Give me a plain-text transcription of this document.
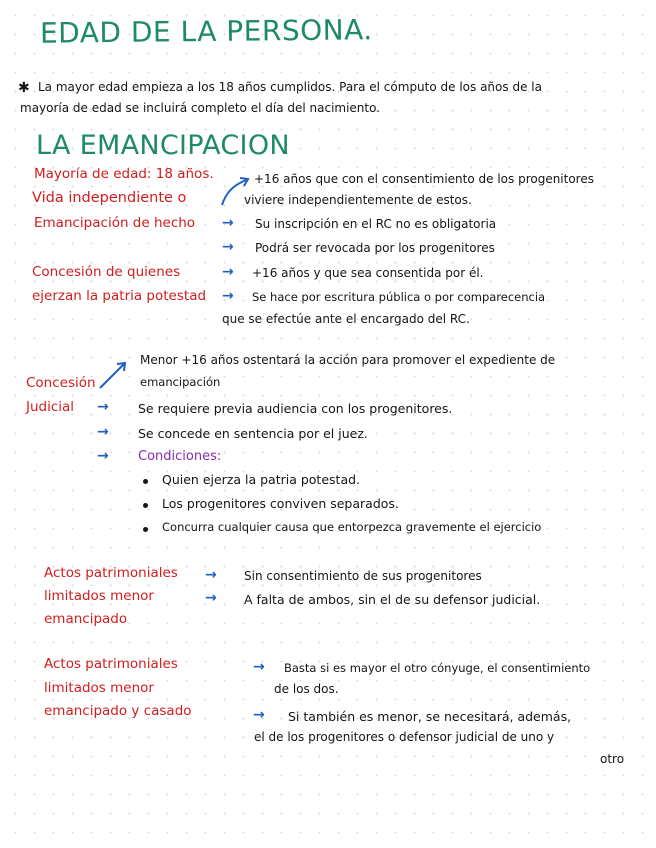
EDAD DE LA PERSONA.
✱ La mayor edad empieza a los 18 años cumplidos. Para el cómputo de los años de la
mayoría de edad se incluirá completo el día del nacimiento.
LA EMANCIPACION
Mayoría de edad: 18 años.
Vida independiente o
Emancipación de hecho
+16 años que con el consentimiento de los progenitores
viviere independientemente de estos.
→ Su inscripción en el RC no es obligatoria
→ Podrá ser revocada por los progenitores
Concesión de quienes
ejerzan la patria potestad
→ +16 años y que sea consentida por él.
→ Se hace por escritura pública o por comparecencia
que se efectúe ante el encargado del RC.
Concesión
Judicial
Menor +16 años ostentará la acción para promover el expediente de
emancipación
→ Se requiere previa audiencia con los progenitores.
→ Se concede en sentencia por el juez.
→ Condiciones:
Quien ejerza la patria potestad.
Los progenitores conviven separados.
Concurra cualquier causa que entorpezca gravemente el ejercicio
Actos patrimoniales
limitados menor
emancipado
→ Sin consentimiento de sus progenitores
→ A falta de ambos, sin el de su defensor judicial.
Actos patrimoniales
limitados menor
emancipado y casado
→ Basta si es mayor el otro cónyuge, el consentimiento
de los dos.
→ Si también es menor, se necesitará, además,
el de los progenitores o defensor judicial de uno y
otro
